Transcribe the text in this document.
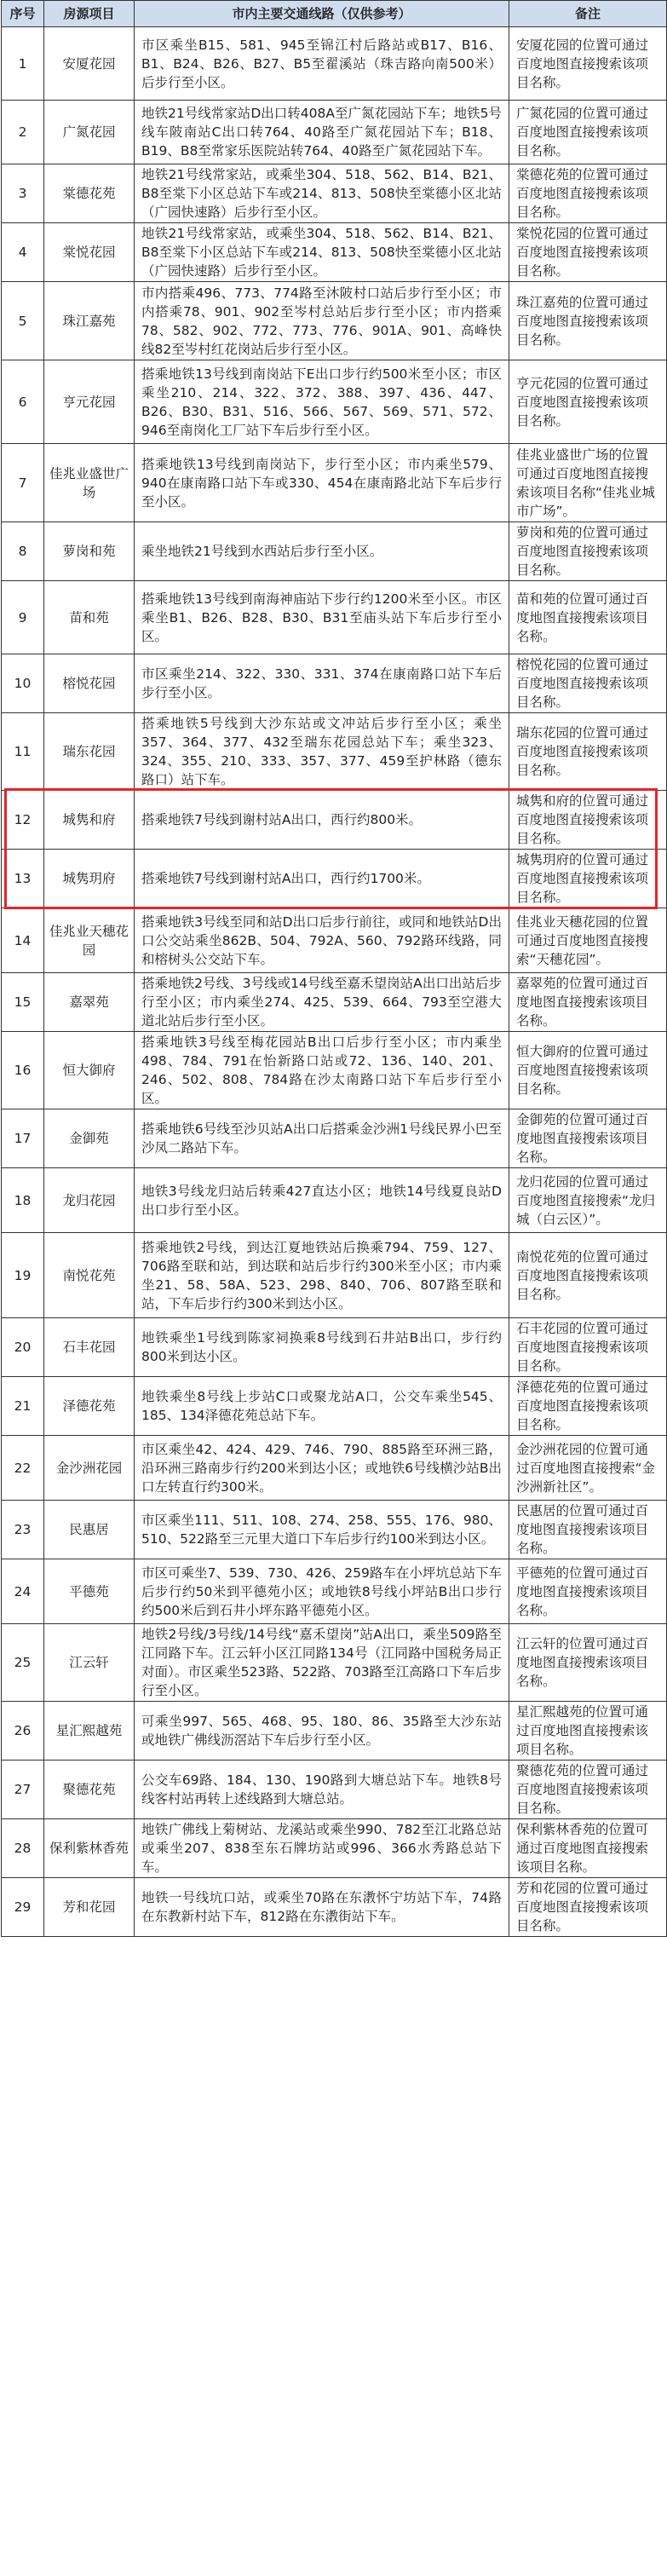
序号	房源项目	市内主要交通线路（仅供参考）	备注
1	安厦花园	市区乘坐B15、581、945至锦江村后路站或B17、B16、B1、B24、B26、B27、B5至翟溪站（珠吉路向南500米）后步行至小区。	安厦花园的位置可通过百度地图直接搜索该项目名称。
2	广氮花园	地铁21号线常家站D出口转408A至广氮花园站下车；地铁5号线车陂南站C出口转764、40路至广氮花园站下车；B18、B19、B8至常家乐医院站转764、40路至广氮花园站下车。	广氮花园的位置可通过百度地图直接搜索该项目名称。
3	棠德花苑	地铁21号线常家站，或乘坐304、518、562、B14、B21、B8至棠下小区总站下车或214、813、508快至棠德小区北站（广园快速路）后步行至小区。	棠德花苑的位置可通过百度地图直接搜索该项目名称。
4	棠悦花园	地铁21号线常家站，或乘坐304、518、562、B14、B21、B8至棠下小区总站下车或214、813、508快至棠德小区北站（广园快速路）后步行至小区。	棠悦花园的位置可通过百度地图直接搜索该项目名称。
5	珠江嘉苑	市内搭乘496、773、774路至沐陂村口站后步行至小区；市内搭乘78、901、902至岑村总站后步行至小区；市内搭乘78、582、902、772、773、776、901A、901、高峰快线82至岑村红花岗站后步行至小区。	珠江嘉苑的位置可通过百度地图直接搜索该项目名称。
6	亨元花园	搭乘地铁13号线到南岗站下E出口步行约500米至小区；市区乘坐210、214、322、372、388、397、436、447、B26、B30、B31、516、566、567、569、571、572、946至南岗化工厂站下车后步行至小区。	亨元花园的位置可通过百度地图直接搜索该项目名称。
7	佳兆业盛世广场	搭乘地铁13号线到南岗站下，步行至小区；市内乘坐579、940在康南路口站下车或330、454在康南路北站下车后步行至小区。	佳兆业盛世广场的位置可通过百度地图直接搜索该项目名称“佳兆业城市广场”。
8	萝岗和苑	乘坐地铁21号线到水西站后步行至小区。	萝岗和苑的位置可通过百度地图直接搜索该项目名称。
9	苗和苑	搭乘地铁13号线到南海神庙站下步行约1200米至小区。市区乘坐B1、B26、B28、B30、B31至庙头站下车后步行至小区。	苗和苑的位置可通过百度地图直接搜索该项目名称。
10	榕悦花园	市区乘坐214、322、330、331、374在康南路口站下车后步行至小区。	榕悦花园的位置可通过百度地图直接搜索该项目名称。
11	瑞东花园	搭乘地铁5号线到大沙东站或文冲站后步行至小区；乘坐357、364、377、432至瑞东花园总站下车；乘坐323、324、355、210、333、357、377、459至护林路（德东路口）站下车。	瑞东花园的位置可通过百度地图直接搜索该项目名称。
12	城隽和府	搭乘地铁7号线到谢村站A出口，西行约800米。	城隽和府的位置可通过百度地图直接搜索该项目名称。
13	城隽玥府	搭乘地铁7号线到谢村站A出口，西行约1700米。	城隽玥府的位置可通过百度地图直接搜索该项目名称。
14	佳兆业天穗花园	搭乘地铁3号线至同和站D出口后步行前往，或同和地铁站D出口公交站乘坐862B、504、792A、560、792路环线路，同和榕树头公交站下车。	佳兆业天穗花园的位置可通过百度地图直接搜索“天穗花园”。
15	嘉翠苑	搭乘地铁2号线、3号线或14号线至嘉禾望岗站A出口出站后步行至小区；市内乘坐274、425、539、664、793至空港大道北站后步行至小区。	嘉翠苑的位置可通过百度地图直接搜索该项目名称。
16	恒大御府	搭乘地铁3号线至梅花园站B出口后步行至小区；市内乘坐498、784、791在怡新路口站或72、136、140、201、246、502、808、784路在沙太南路口站下车后步行至小区。	恒大御府的位置可通过百度地图直接搜索该项目名称。
17	金御苑	搭乘地铁6号线至沙贝站A出口后搭乘金沙洲1号线民界小巴至沙凤二路站下车。	金御苑的位置可通过百度地图直接搜索该项目名称。
18	龙归花园	地铁3号线龙归站后转乘427直达小区；地铁14号线夏良站D出口步行至小区。	龙归花园的位置可通过百度地图直接搜索“龙归城（白云区）”。
19	南悦花苑	搭乘地铁2号线，到达江夏地铁站后换乘794、759、127、706路至联和站，到达联和站后步行约300米至小区；市内乘坐21、58、58A、523、298、840、706、807路至联和站，下车后步行约300米到达小区。	南悦花苑的位置可通过百度地图直接搜索该项目名称。
20	石丰花园	地铁乘坐1号线到陈家祠换乘8号线到石井站B出口，步行约800米到达小区。	石丰花园的位置可通过百度地图直接搜索该项目名称。
21	泽德花苑	地铁乘坐8号线上步站C口或聚龙站A口，公交车乘坐545、185、134泽德花苑总站下车。	泽德花苑的位置可通过百度地图直接搜索该项目名称。
22	金沙洲花园	市区乘坐42、424、429、746、790、885路至环洲三路，沿环洲三路南步行约200米到达小区；或地铁6号线横沙站B出口左转直行约300米。	金沙洲花园的位置可通过百度地图直接搜索“金沙洲新社区”。
23	民惠居	市区乘坐111、511、108、274、258、555、176、980、510、522路至三元里大道口下车后步行约100米到达小区。	民惠居的位置可通过百度地图直接搜索该项目名称。
24	平德苑	市区可乘坐7、539、730、426、259路车在小坪坑总站下车后步行约50米到平德苑小区；或地铁8号线小坪站B出口步行约500米后到石井小坪东路平德苑小区。	平德苑的位置可通过百度地图直接搜索该项目名称。
25	江云轩	地铁2号线/3号线/14号线“嘉禾望岗”站A出口，乘坐509路至江同路下车。江云轩小区江同路134号（江同路中国税务局正对面）。市区乘坐523路、522路、703路至江高路口下车后步行至小区。	江云轩的位置可通过百度地图直接搜索该项目名称。
26	星汇熙越苑	可乘坐997、565、468、95、180、86、35路至大沙东站或地铁广佛线沥滘站下车后步行至小区。	星汇熙越苑的位置可通过百度地图直接搜索该项目名称。
27	聚德花苑	公交车69路、184、130、190路到大塘总站下车。地铁8号线客村站再转上述线路到大塘总站。	聚德花苑的位置可通过百度地图直接搜索该项目名称。
28	保利紫林香苑	地铁广佛线上菊树站、龙溪站或乘坐990、782至江北路总站或乘坐207、838至东石牌坊站或996、366水秀路总站下车。	保利紫林香苑的位置可通过百度地图直接搜索该项目名称。
29	芳和花园	地铁一号线坑口站，或乘坐70路在东漖怀宁坊站下车，74路在东教新村站下车，812路在东漖街站下车。	芳和花园的位置可通过百度地图直接搜索该项目名称。
